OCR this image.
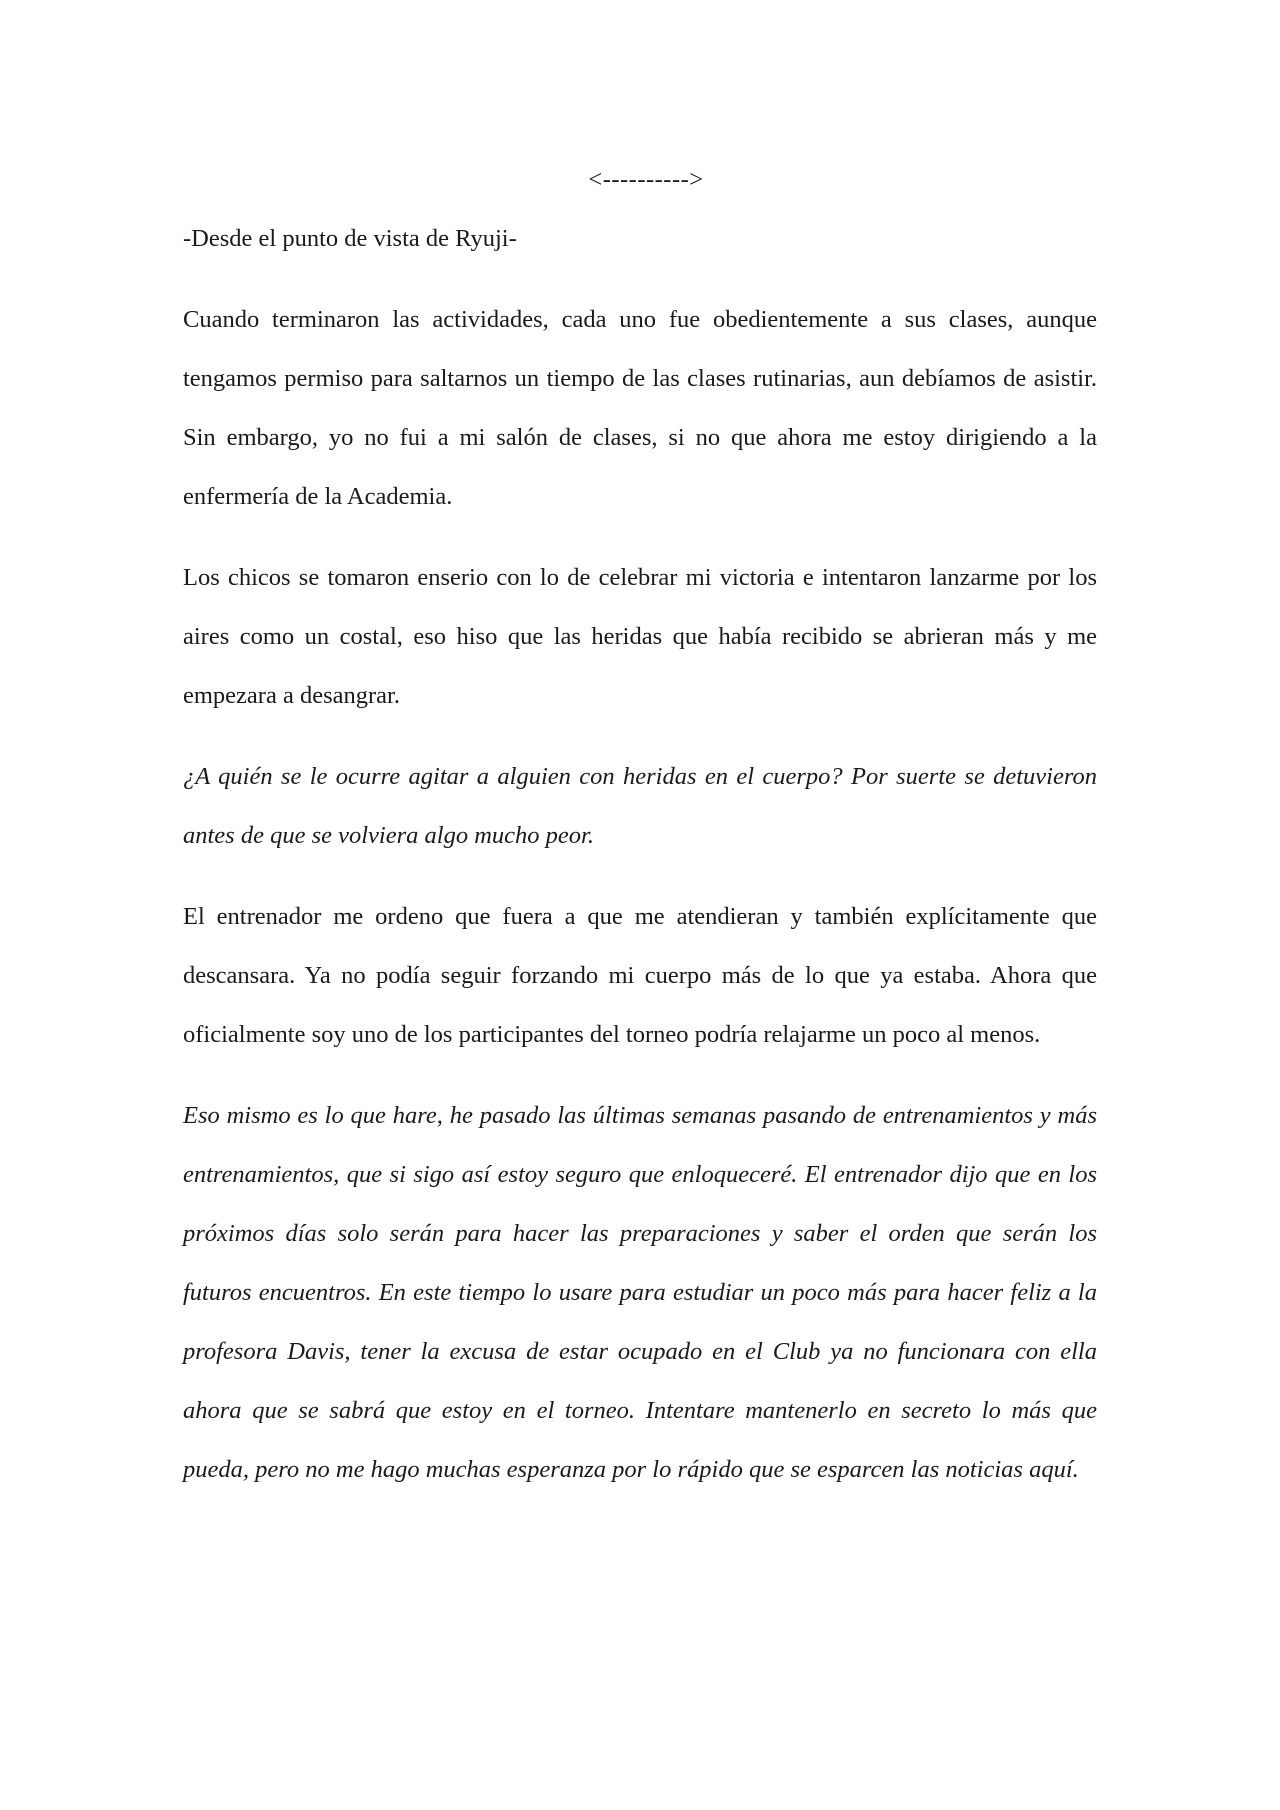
<---------->

-Desde el punto de vista de Ryuji-

Cuando terminaron las actividades, cada uno fue obedientemente a sus clases, aunque tengamos permiso para saltarnos un tiempo de las clases rutinarias, aun debíamos de asistir. Sin embargo, yo no fui a mi salón de clases, si no que ahora me estoy dirigiendo a la enfermería de la Academia.

Los chicos se tomaron enserio con lo de celebrar mi victoria e intentaron lanzarme por los aires como un costal, eso hiso que las heridas que había recibido se abrieran más y me empezara a desangrar.

¿A quién se le ocurre agitar a alguien con heridas en el cuerpo? Por suerte se detuvieron antes de que se volviera algo mucho peor.

El entrenador me ordeno que fuera a que me atendieran y también explícitamente que descansara. Ya no podía seguir forzando mi cuerpo más de lo que ya estaba. Ahora que oficialmente soy uno de los participantes del torneo podría relajarme un poco al menos.

Eso mismo es lo que hare, he pasado las últimas semanas pasando de entrenamientos y más entrenamientos, que si sigo así estoy seguro que enloqueceré. El entrenador dijo que en los próximos días solo serán para hacer las preparaciones y saber el orden que serán los futuros encuentros. En este tiempo lo usare para estudiar un poco más para hacer feliz a la profesora Davis, tener la excusa de estar ocupado en el Club ya no funcionara con ella ahora que se sabrá que estoy en el torneo. Intentare mantenerlo en secreto lo más que pueda, pero no me hago muchas esperanza por lo rápido que se esparcen las noticias aquí.
